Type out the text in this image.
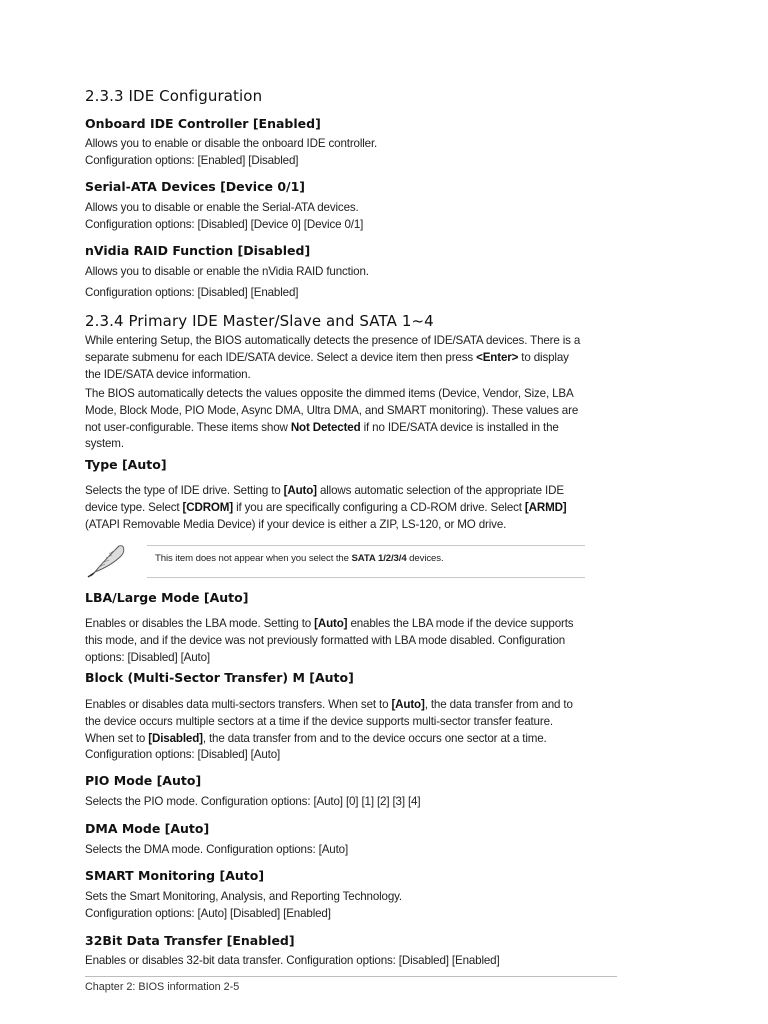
2.3.3 IDE Configuration
Onboard IDE Controller [Enabled]

Allows you to enable or disable the onboard IDE controller.

Configuration options: [Enabled] [Disabled]

Serial-ATA Devices [Device 0/1]

Allows you to disable or enable the Serial-ATA devices.

Configuration options: [Disabled] [Device 0] [Device 0/1]

nVidia RAID Function [Disabled]

Allows you to disable or enable the nVidia RAID function.

Configuration options: [Disabled] [Enabled]

2.3.4 Primary IDE Master/Slave and SATA 1~4

While entering Setup, the BIOS automatically detects the presence of IDE/SATA devices. There is a separate submenu for each IDE/SATA device. Select a device item then press <Enter> to display the IDE/SATA device information.

The BIOS automatically detects the values opposite the dimmed items (Device, Vendor, Size, LBA Mode, Block Mode, PIO Mode, Async DMA, Ultra DMA, and SMART monitoring). These values are not user-configurable. These items show Not Detected if no IDE/SATA device is installed in the system.

Type [Auto]

Selects the type of IDE drive. Setting to [Auto] allows automatic selection of the appropriate IDE device type. Select [CDROM] if you are specifically configuring a CD-ROM drive. Select [ARMD] (ATAPI Removable Media Device) if your device is either a ZIP, LS-120, or MO drive.

This item does not appear when you select the SATA 1/2/3/4 devices.
LBA/Large Mode [Auto]

Enables or disables the LBA mode. Setting to [Auto] enables the LBA mode if the device supports this mode, and if the device was not previously formatted with LBA mode disabled. Configuration options: [Disabled] [Auto]

Block (Multi-Sector Transfer) M [Auto]

Enables or disables data multi-sectors transfers. When set to [Auto], the data transfer from and to the device occurs multiple sectors at a time if the device supports multi-sector transfer feature. When set to [Disabled], the data transfer from and to the device occurs one sector at a time. Configuration options: [Disabled] [Auto]

PIO Mode [Auto]

Selects the PIO mode. Configuration options: [Auto] [0] [1] [2] [3] [4]

DMA Mode [Auto]

Selects the DMA mode. Configuration options: [Auto]

SMART Monitoring [Auto]

Sets the Smart Monitoring, Analysis, and Reporting Technology.

Configuration options: [Auto] [Disabled] [Enabled]

32Bit Data Transfer [Enabled]

Enables or disables 32-bit data transfer. Configuration options: [Disabled] [Enabled]

Chapter 2: BIOS information 2-5
